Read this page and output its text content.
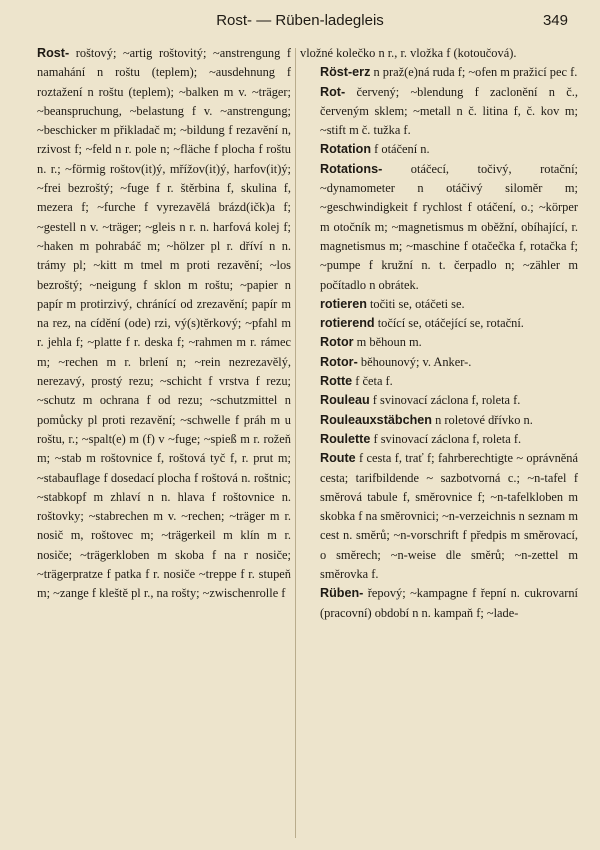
Rost- — Rüben-ladegleis	349

Rost- roštový; ~artig roštovitý; ~anstrengung f namahání n roštu (teplem); ~ausdehnung f roztažení n roštu (teplem); ~balken m v. ~träger; ~beanspruchung, ~belastung f v. ~anstrengung; ~beschicker m přikladač m; ~bildung f rezavění n, rzivost f; ~feld n r. pole n; ~fläche f plocha f roštu n. r.; ~förmig roštov(it)ý, mřížov(it)ý, harfov(it)ý; ~frei bezroštý; ~fuge f r. štěrbina f, skulina f, mezera f; ~furche f vyrezavělá brázd(ičk)a f; ~gestell n v. ~träger; ~gleis n r. n. harfová kolej f; ~haken m pohrabáč m; ~hölzer pl r. dříví n n. trámy pl; ~kitt m tmel m proti rezavění; ~los bezroštý; ~neigung f sklon m roštu; ~papier n papír m protirzivý, chránící od zrezavění; papír m na rez, na cídění (ode) rzi, vý(s)těrkový; ~pfahl m r. jehla f; ~platte f r. deska f; ~rahmen m r. rámec m; ~rechen m r. brlení n; ~rein nezrezavělý, nerezavý, prostý rezu; ~schicht f vrstva f rezu; ~schutz m ochrana f od rezu; ~schutzmittel n pomůcky pl proti rezavění; ~schwelle f práh m u roštu, r.; ~spalt(e) m (f) v ~fuge; ~spieß m r. rožeň m; ~stab m roštovnice f, roštová tyč f, r. prut m; ~stabauflage f dosedací plocha f roštová n. roštnic; ~stabkopf m zhlaví n n. hlava f roštovnice n. roštovky; ~stabrechen m v. ~rechen; ~träger m r. nosič m, roštovec m; ~trägerkeil m klín m r. nosiče; ~trägerkloben m skoba f na r nosiče; ~trägerpratze f patka f r. nosiče ~treppe f r. stupeň m; ~zange f kleště pl r., na rošty; ~zwischenrolle f

vložné kolečko n r., r. vložka f (kotoučová).

Röst-erz n praž(e)ná ruda f; ~ofen m pražicí pec f.

Rot- červený; ~blendung f zaclonění n č., červeným sklem; ~metall n č. litina f, č. kov m; ~stift m č. tužka f.

Rotation f otáčení n.

Rotations- otáčecí, točivý, rotační; ~dynamometer n otáčivý siloměr m; ~geschwindigkeit f rychlost f otáčení, o.; ~körper m otočník m; ~magnetismus m oběžní, obíhající, r. magnetismus m; ~maschine f otačečka f, rotačka f; ~pumpe f kružní n. t. čerpadlo n; ~zähler m počítadlo n obrátek.

rotieren točiti se, otáčeti se.

rotierend točící se, otáčející se, rotační.

Rotor m běhoun m.

Rotor- běhounový; v. Anker-.

Rotte f četa f.

Rouleau f svinovací záclona f, roleta f.

Rouleauxstäbchen n roletové dřívko n.

Roulette f svinovací záclona f, roleta f.

Route f cesta f, trať f; fahrberechtigte ~ oprávněná cesta; tarifbildende ~ sazbotvorná c.; ~n-tafel f směrová tabule f, směrovnice f; ~n-tafelkloben m skobka f na směrovnici; ~n-verzeichnis n seznam m cest n. směrů; ~n-vorschrift f předpis m směrovací, o směrech; ~n-weise dle směrů; ~n-zettel m směrovka f.

Rüben- řepový; ~kampagne f řepní n. cukrovarní (pracovní) období n n. kampaň f; ~lade-
